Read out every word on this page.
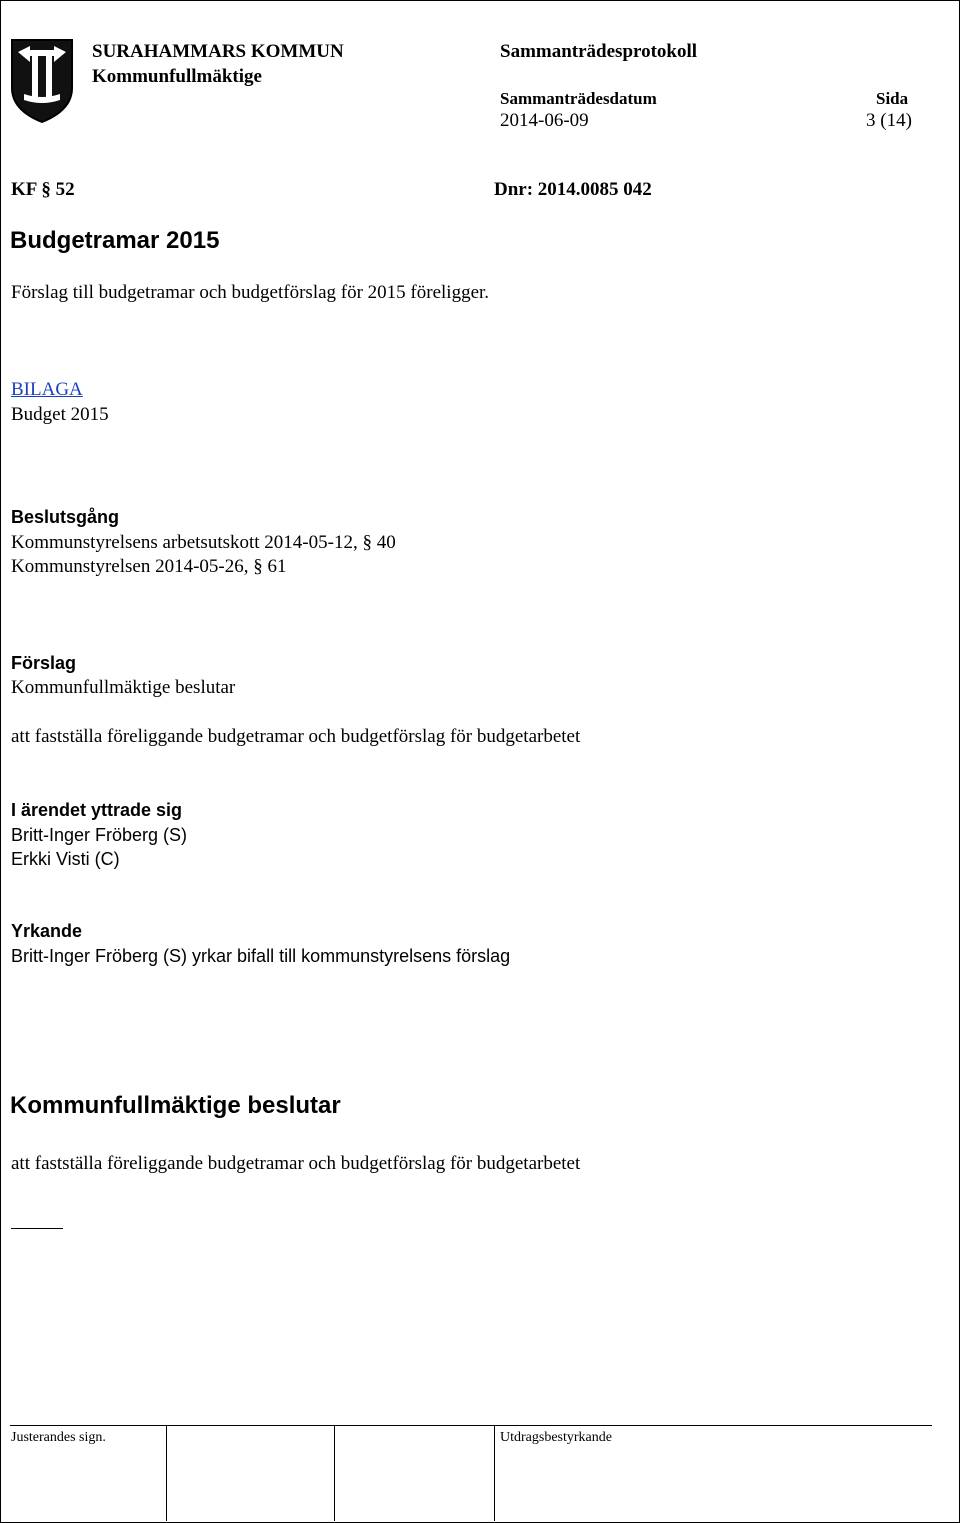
SURAHAMMARS KOMMUN
Kommunfullmäktige
Sammanträdesprotokoll
Sammanträdesdatum
2014-06-09
Sida
3 (14)
KF § 52	Dnr: 2014.0085 042
Budgetramar 2015
Förslag till budgetramar och budgetförslag för 2015 föreligger.
BILAGA
Budget 2015
Beslutsgång
Kommunstyrelsens arbetsutskott 2014-05-12, § 40
Kommunstyrelsen 2014-05-26, § 61
Förslag
Kommunfullmäktige beslutar
att fastställa föreliggande budgetramar och budgetförslag för budgetarbetet
I ärendet yttrade sig
Britt-Inger Fröberg (S)
Erkki Visti (C)
Yrkande
Britt-Inger Fröberg (S) yrkar bifall till kommunstyrelsens förslag
Kommunfullmäktige beslutar
att fastställa föreliggande budgetramar och budgetförslag för budgetarbetet
Justerandes sign.	Utdragsbestyrkande
